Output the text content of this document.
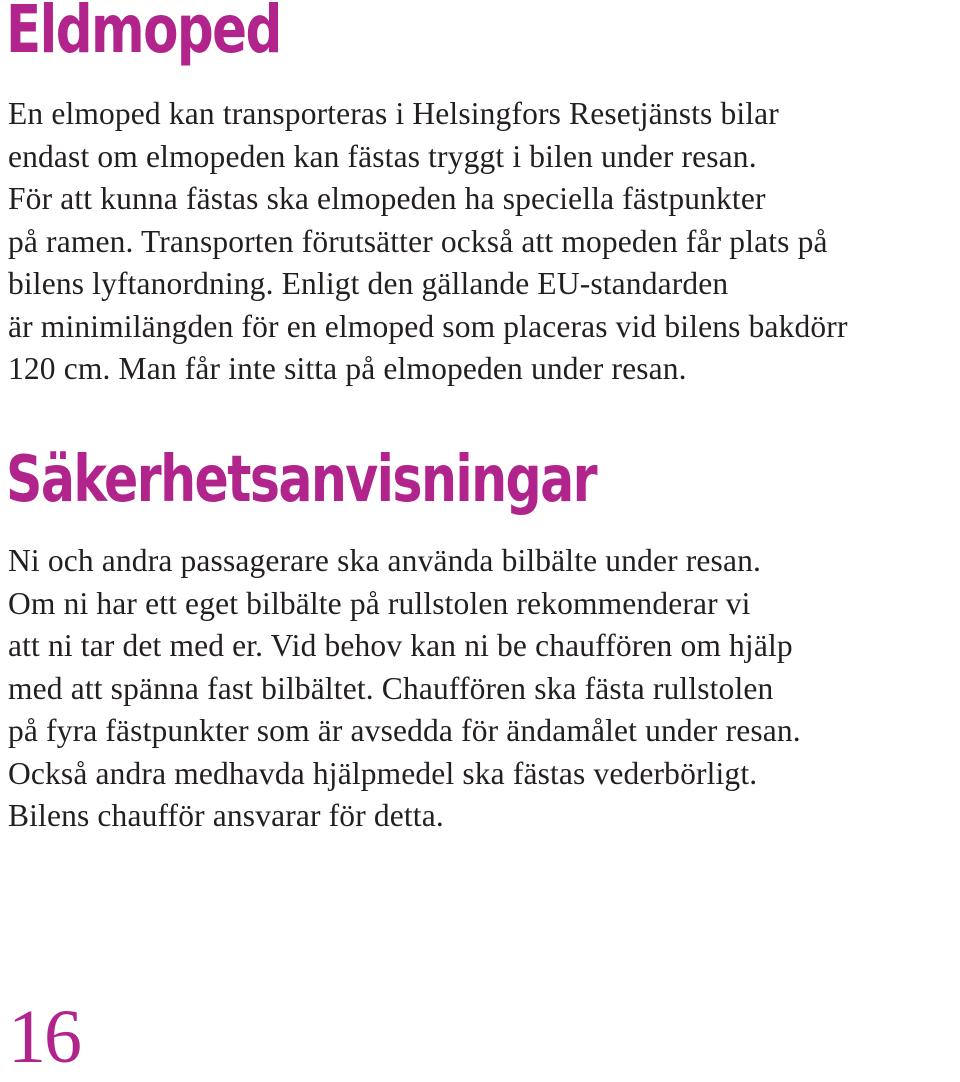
Eldmoped

En elmoped kan transporteras i Helsingfors Resetjänsts bilar
endast om elmopeden kan fästas tryggt i bilen under resan.
För att kunna fästas ska elmopeden ha speciella fästpunkter
på ramen. Transporten förutsätter också att mopeden får plats på
bilens lyftanordning. Enligt den gällande EU-standarden
är minimilängden för en elmoped som placeras vid bilens bakdörr
120 cm. Man får inte sitta på elmopeden under resan.

Säkerhetsanvisningar

Ni och andra passagerare ska använda bilbälte under resan.
Om ni har ett eget bilbälte på rullstolen rekommenderar vi
att ni tar det med er. Vid behov kan ni be chauffören om hjälp
med att spänna fast bilbältet. Chauffören ska fästa rullstolen
på fyra fästpunkter som är avsedda för ändamålet under resan.
Också andra medhavda hjälpmedel ska fästas vederbörligt.
Bilens chaufför ansvarar för detta.

16
